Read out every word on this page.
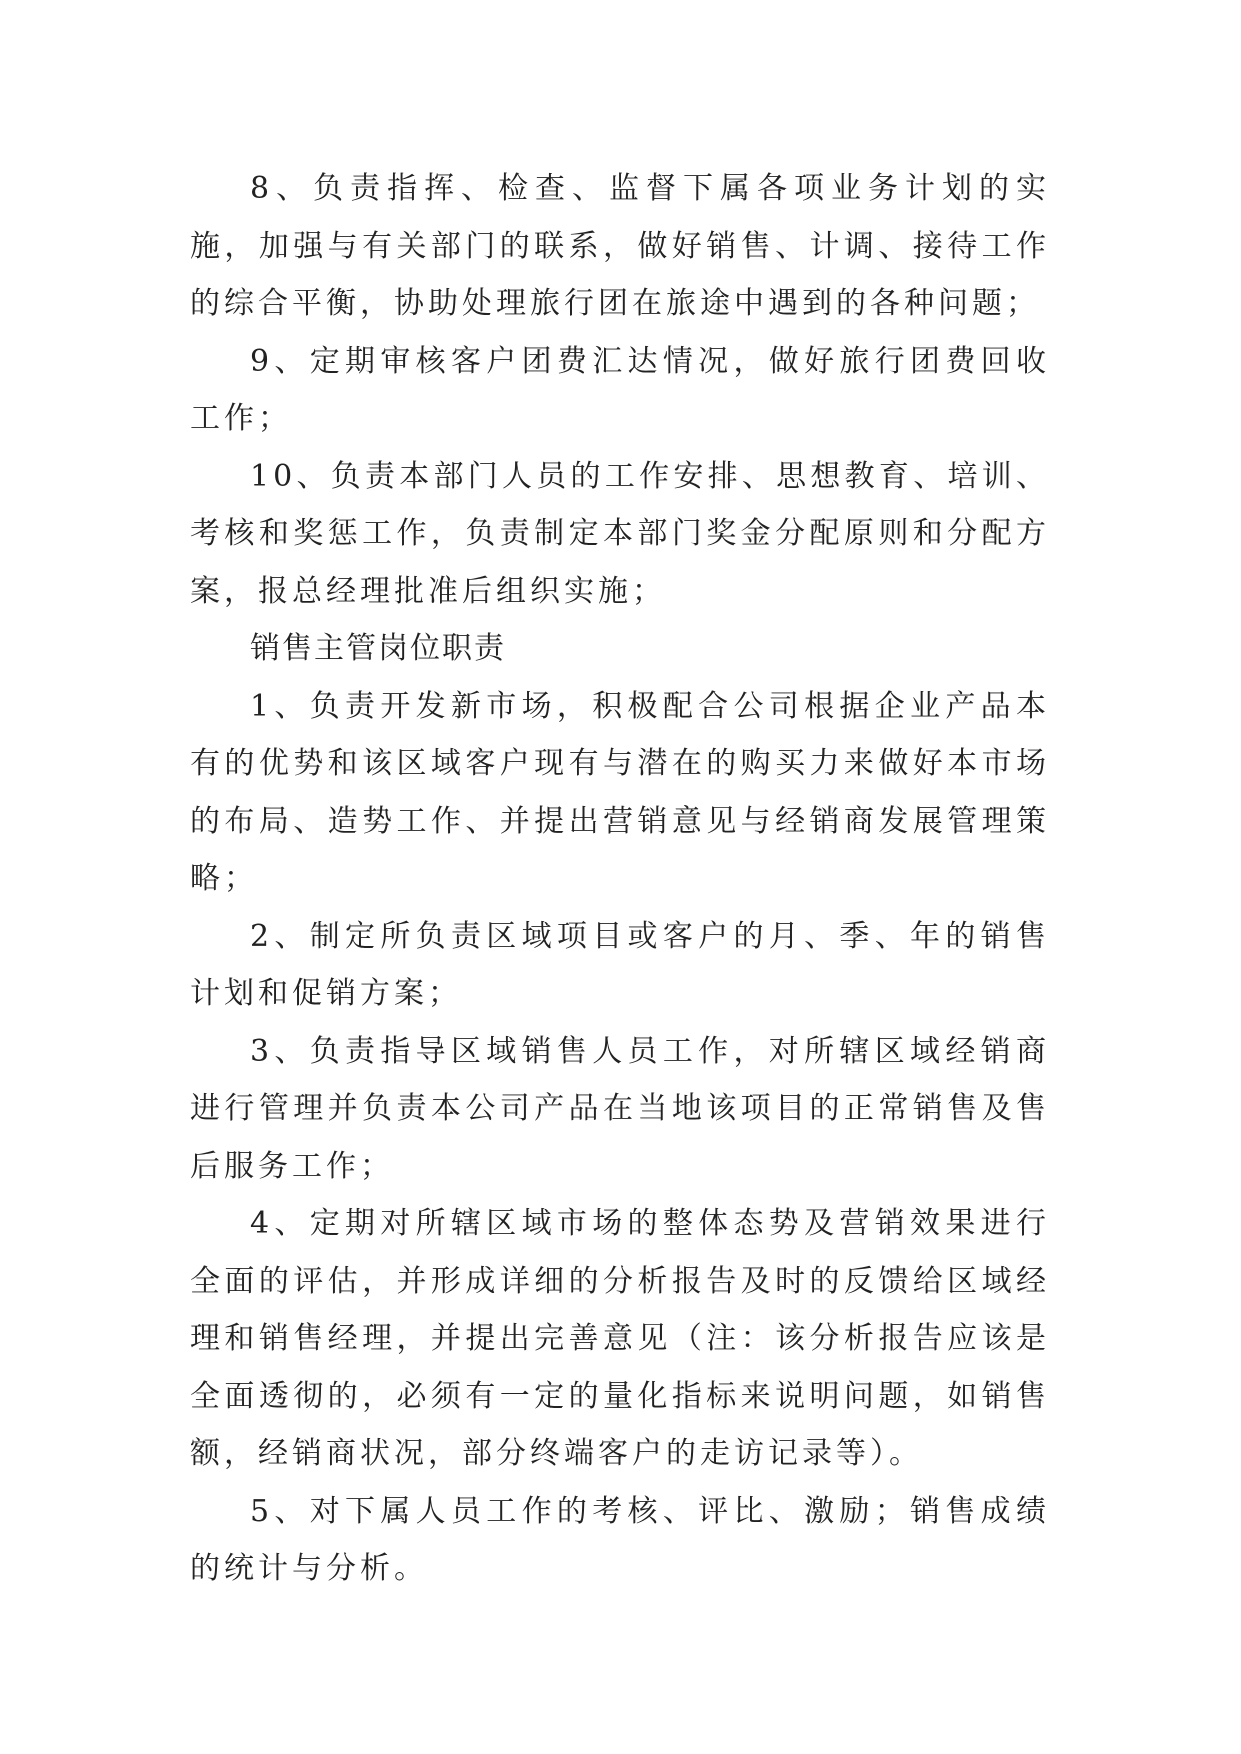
8、负责指挥、检查、监督下属各项业务计划的实施，加强与有关部门的联系，做好销售、计调、接待工作的综合平衡，协助处理旅行团在旅途中遇到的各种问题；

9、定期审核客户团费汇达情况，做好旅行团费回收工作；

10、负责本部门人员的工作安排、思想教育、培训、考核和奖惩工作，负责制定本部门奖金分配原则和分配方案，报总经理批准后组织实施；

销售主管岗位职责

1、负责开发新市场，积极配合公司根据企业产品本有的优势和该区域客户现有与潜在的购买力来做好本市场的布局、造势工作、并提出营销意见与经销商发展管理策略；

2、制定所负责区域项目或客户的月、季、年的销售计划和促销方案；

3、负责指导区域销售人员工作，对所辖区域经销商进行管理并负责本公司产品在当地该项目的正常销售及售后服务工作；

4、定期对所辖区域市场的整体态势及营销效果进行全面的评估，并形成详细的分析报告及时的反馈给区域经理和销售经理，并提出完善意见（注：该分析报告应该是全面透彻的，必须有一定的量化指标来说明问题，如销售额，经销商状况，部分终端客户的走访记录等）。

5、对下属人员工作的考核、评比、激励；销售成绩的统计与分析。
